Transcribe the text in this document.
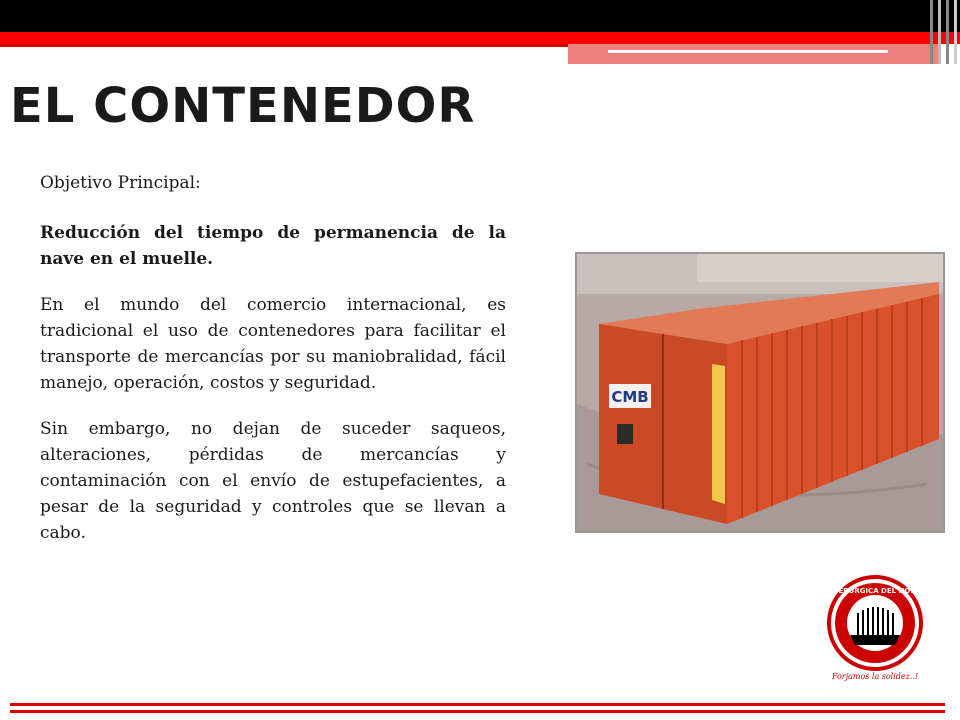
EL CONTENEDOR

Objetivo Principal:

Reducción del tiempo de permanencia de la nave en el muelle.

En el mundo del comercio internacional, es tradicional el uso de contenedores para facilitar el transporte de mercancías por su maniobralidad, fácil manejo, operación, costos y seguridad.

Sin embargo, no dejan de suceder saqueos, alteraciones, pérdidas de mercancías y contaminación con el envío de estupefacientes, a pesar de la seguridad y controles que se llevan a cabo.

CMB
SIDERURGICA DEL NORTE
Forjamos la solidez..!
